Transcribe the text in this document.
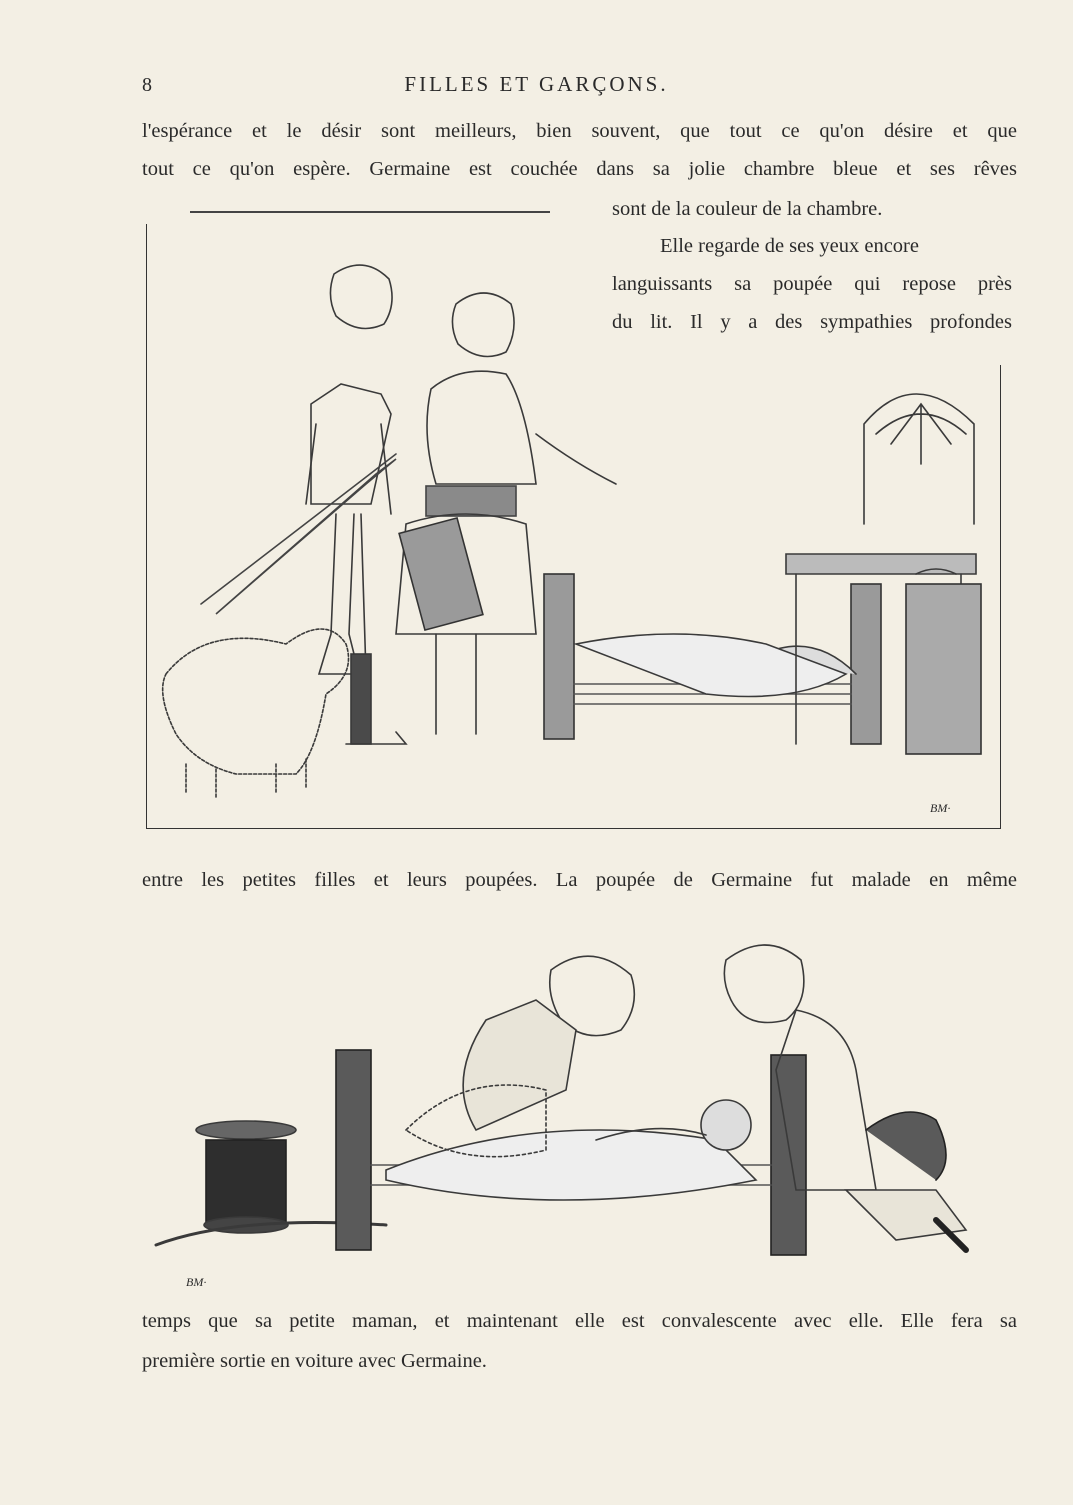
8	FILLES ET GARÇONS.
l'espérance et le désir sont meilleurs, bien souvent, que tout ce qu'on désire et que
tout ce qu'on espère. Germaine est couchée dans sa jolie chambre bleue et ses rêves
sont de la couleur de la chambre.
Elle regarde de ses yeux encore
languissants sa poupée qui repose près
du lit. Il y a des sympathies profondes
BM·
entre les petites filles et leurs poupées. La poupée de Germaine fut malade en même
BM·
temps que sa petite maman, et maintenant elle est convalescente avec elle. Elle fera sa
première sortie en voiture avec Germaine.
